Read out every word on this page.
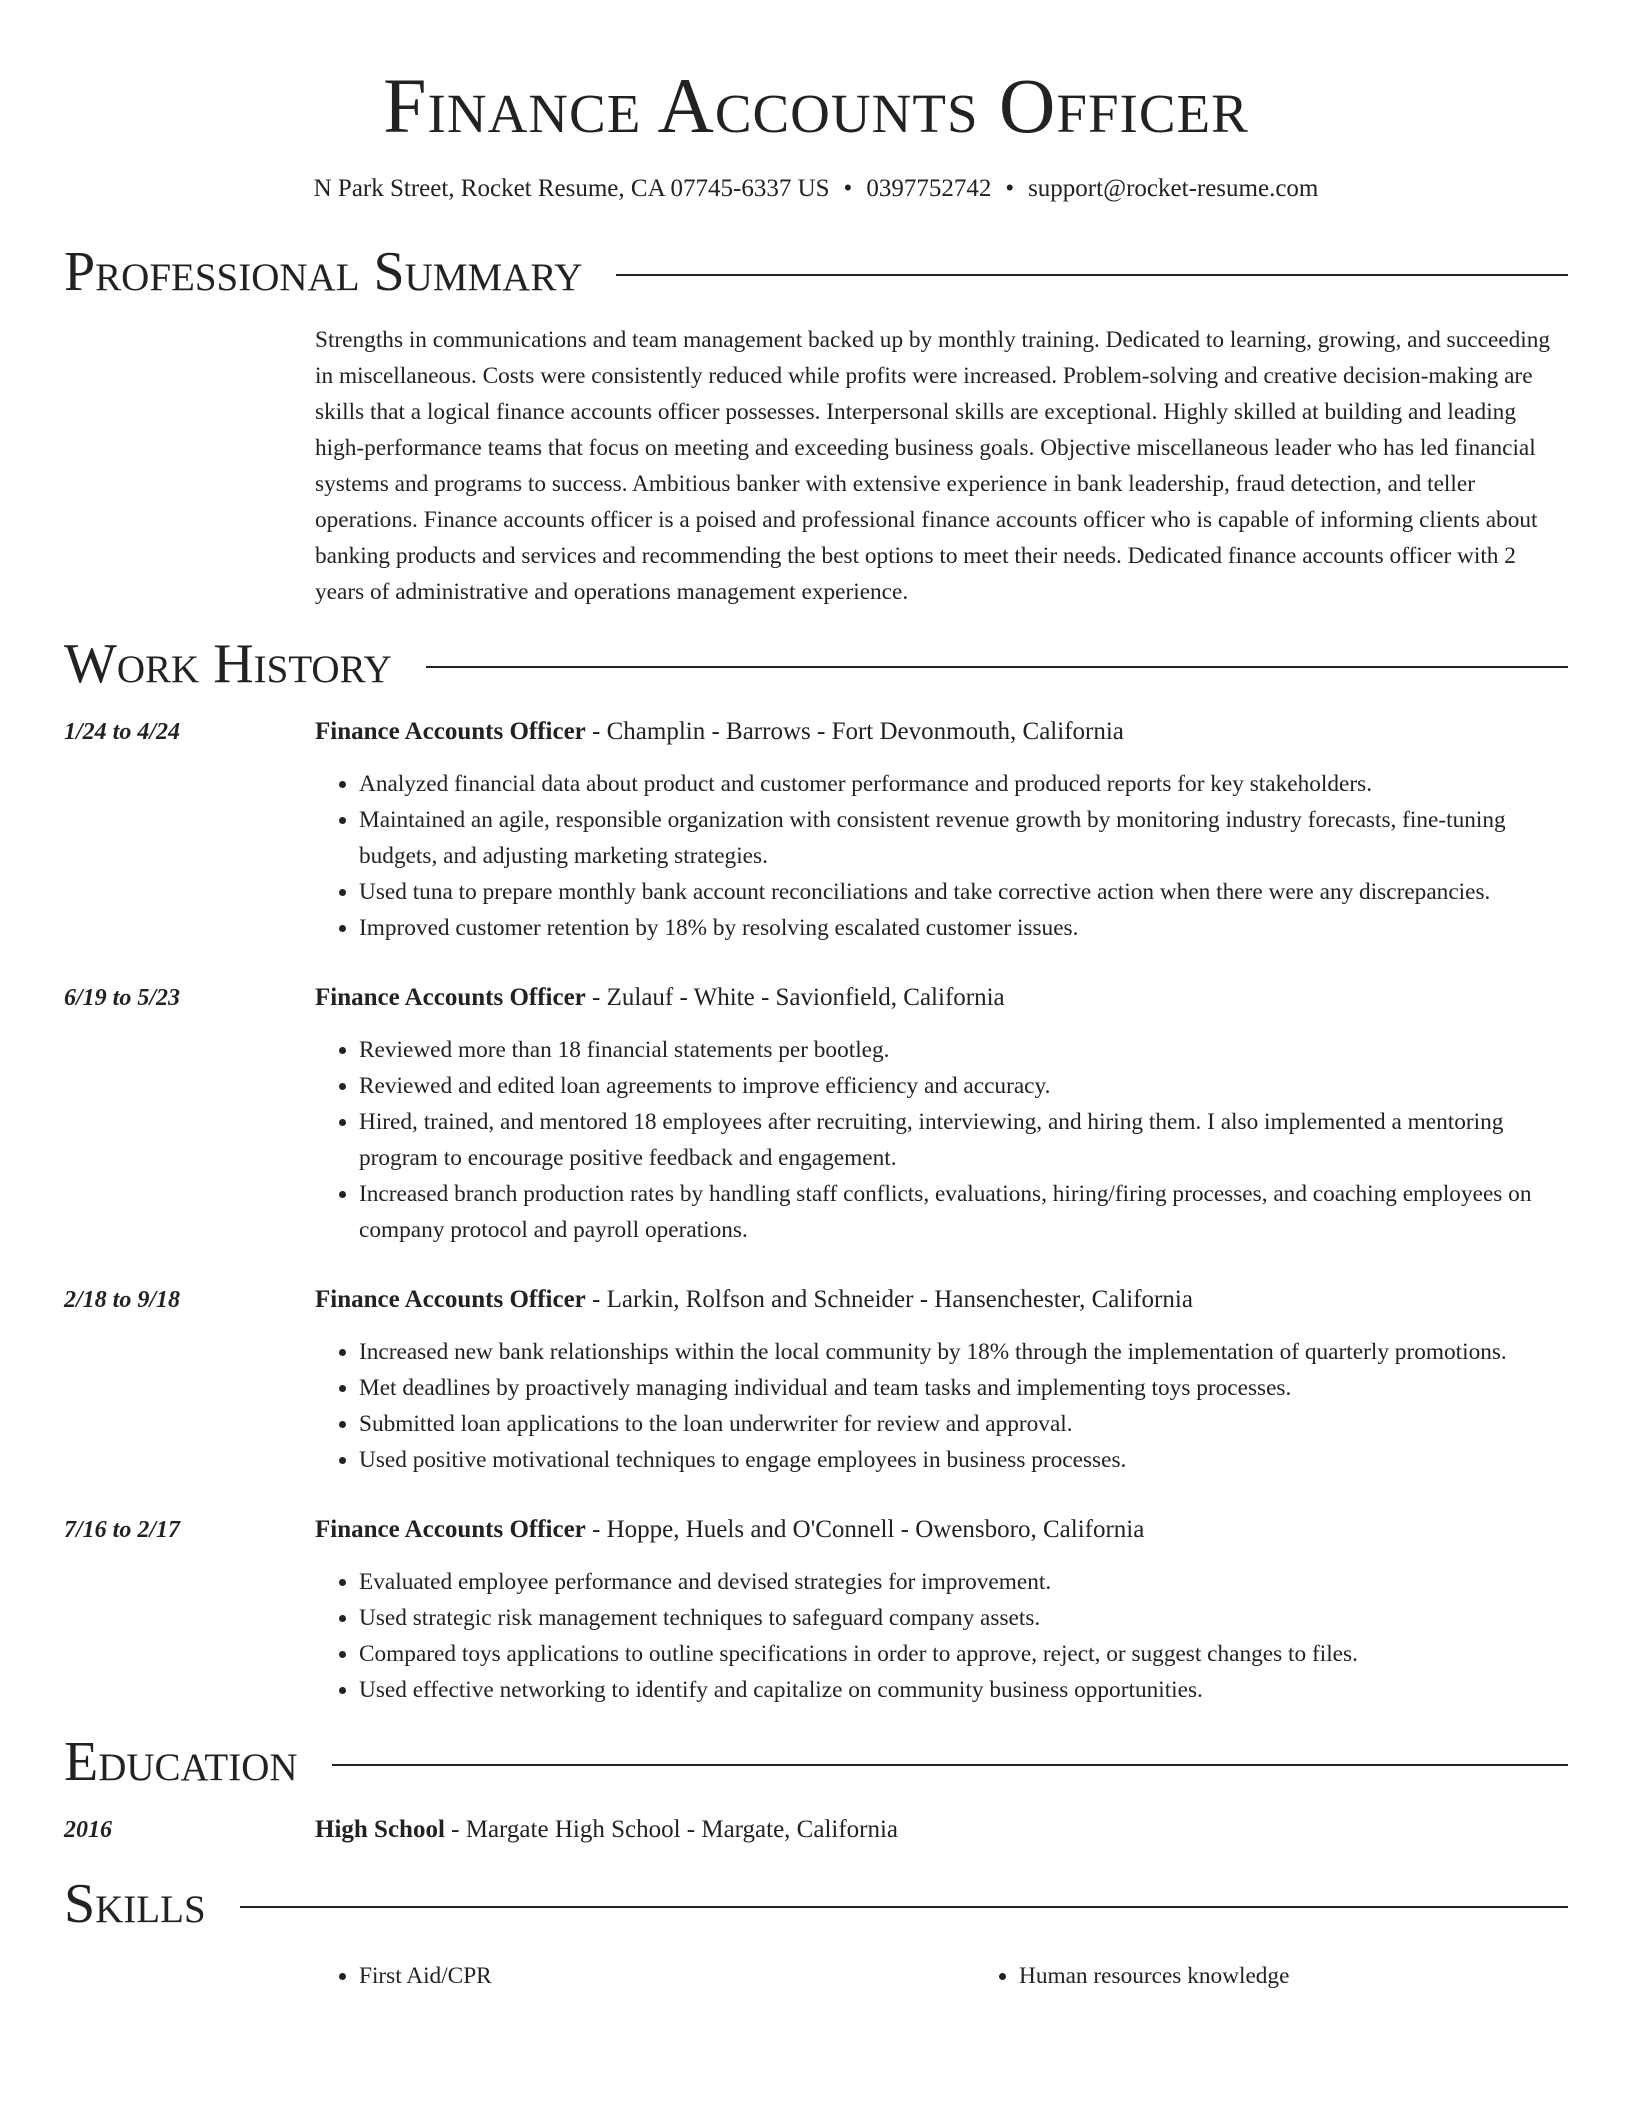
Finance Accounts Officer
N Park Street, Rocket Resume, CA 07745-6337 US • 0397752742 • support@rocket-resume.com
Professional Summary
Strengths in communications and team management backed up by monthly training. Dedicated to learning, growing, and succeeding in miscellaneous. Costs were consistently reduced while profits were increased. Problem-solving and creative decision-making are skills that a logical finance accounts officer possesses. Interpersonal skills are exceptional. Highly skilled at building and leading high-performance teams that focus on meeting and exceeding business goals. Objective miscellaneous leader who has led financial systems and programs to success. Ambitious banker with extensive experience in bank leadership, fraud detection, and teller operations. Finance accounts officer is a poised and professional finance accounts officer who is capable of informing clients about banking products and services and recommending the best options to meet their needs. Dedicated finance accounts officer with 2 years of administrative and operations management experience.
Work History
1/24 to 4/24	Finance Accounts Officer - Champlin - Barrows - Fort Devonmouth, California
• Analyzed financial data about product and customer performance and produced reports for key stakeholders.
• Maintained an agile, responsible organization with consistent revenue growth by monitoring industry forecasts, fine-tuning budgets, and adjusting marketing strategies.
• Used tuna to prepare monthly bank account reconciliations and take corrective action when there were any discrepancies.
• Improved customer retention by 18% by resolving escalated customer issues.
6/19 to 5/23	Finance Accounts Officer - Zulauf - White - Savionfield, California
• Reviewed more than 18 financial statements per bootleg.
• Reviewed and edited loan agreements to improve efficiency and accuracy.
• Hired, trained, and mentored 18 employees after recruiting, interviewing, and hiring them. I also implemented a mentoring program to encourage positive feedback and engagement.
• Increased branch production rates by handling staff conflicts, evaluations, hiring/firing processes, and coaching employees on company protocol and payroll operations.
2/18 to 9/18	Finance Accounts Officer - Larkin, Rolfson and Schneider - Hansenchester, California
• Increased new bank relationships within the local community by 18% through the implementation of quarterly promotions.
• Met deadlines by proactively managing individual and team tasks and implementing toys processes.
• Submitted loan applications to the loan underwriter for review and approval.
• Used positive motivational techniques to engage employees in business processes.
7/16 to 2/17	Finance Accounts Officer - Hoppe, Huels and O'Connell - Owensboro, California
• Evaluated employee performance and devised strategies for improvement.
• Used strategic risk management techniques to safeguard company assets.
• Compared toys applications to outline specifications in order to approve, reject, or suggest changes to files.
• Used effective networking to identify and capitalize on community business opportunities.
Education
2016	High School - Margate High School - Margate, California
Skills
• First Aid/CPR
•	Human resources knowledge
